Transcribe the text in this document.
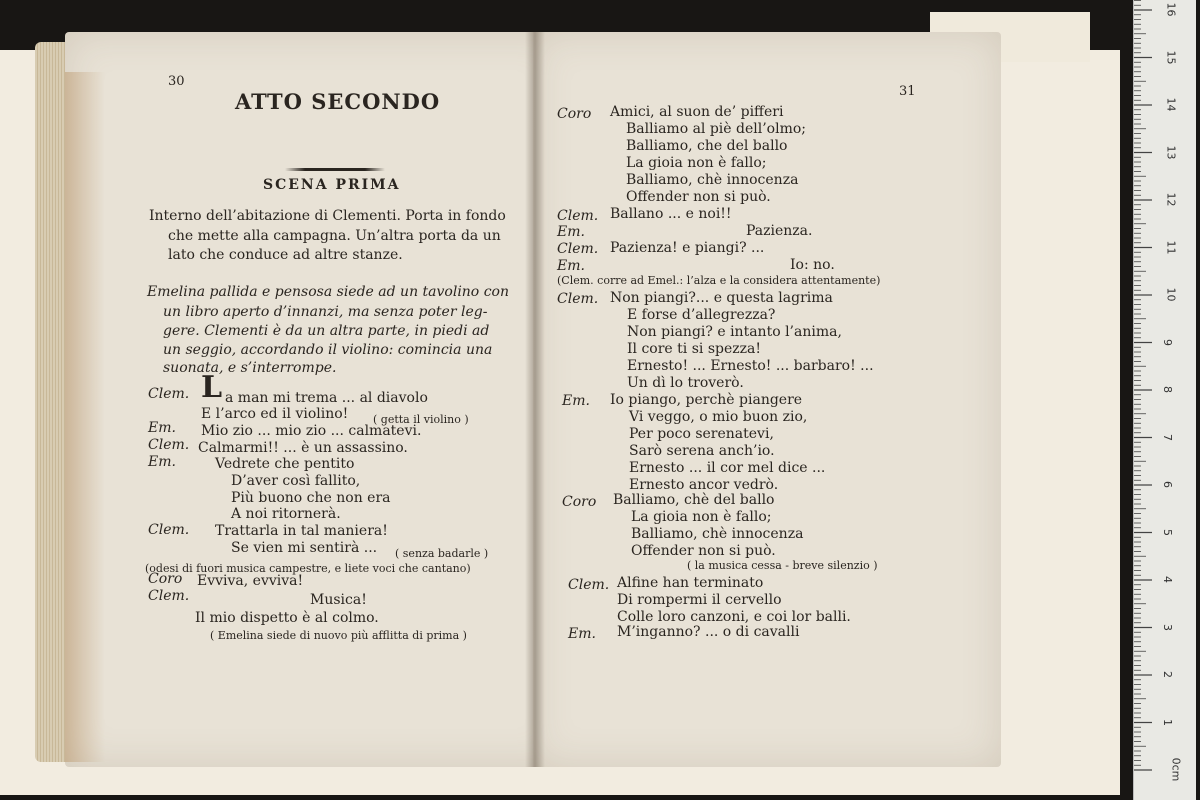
30
ATTO SECONDO
SCENA PRIMA
Interno dell’abitazione di Clementi. Porta in fondo
che mette alla campagna. Un’altra porta da un
lato che conduce ad altre stanze.
Emelina pallida e pensosa siede ad un tavolino con
un libro aperto d’innanzi, ma senza poter leg-
gere. Clementi è da un altra parte, in piedi ad
un seggio, accordando il violino: comincia una
suonata, e s’interrompe.
Clem. L a man mi trema ... al diavolo
E l’arco ed il violino! ( getta il violino )
Em. Mio zio ... mio zio ... calmatevi.
Clem. Calmarmi!! ... è un assassino.
Em.	Vedrete che pentito
D’aver così fallito,
Più buono che non era
A noi ritornerà.
Clem. Trattarla in tal maniera!
Se vien mi sentirà ... ( senza badarle )
(odesi di fuori musica campestre, e liete voci che cantano)
Coro Evviva, evviva!
Clem.	Musica!
Il mio dispetto è al colmo.
( Emelina siede di nuovo più afflitta di prima )
31
Coro Amici, al suon de’ pifferi
Balliamo al piè dell’olmo;
Balliamo, che del ballo
La gioia non è fallo;
Balliamo, chè innocenza
Offender non si può.
Clem. Ballano ... e noi!!
Em.	Pazienza.
Clem. Pazienza! e piangi? ...
Em.	Io: no.
(Clem. corre ad Emel.: l’alza e la considera attentamente)
Clem. Non piangi?... e questa lagrima
E forse d’allegrezza?
Non piangi? e intanto l’anima,
Il core ti si spezza!
Ernesto! ... Ernesto! ... barbaro! ...
Un dì lo troverò.
Em. Io piango, perchè piangere
Vi veggo, o mio buon zio,
Per poco serenatevi,
Sarò serena anch’io.
Ernesto ... il cor mel dice ...
Ernesto ancor vedrò.
Coro Balliamo, chè del ballo
La gioia non è fallo;
Balliamo, chè innocenza
Offender non si può.
( la musica cessa - breve silenzio )
Clem. Alfine han terminato
Di rompermi il cervello
Colle loro canzoni, e coi lor balli.
Em. M’inganno? ... o di cavalli
0cm
1
2
3
4
5
6
7
8
9
10
11
12
13
14
15
16
